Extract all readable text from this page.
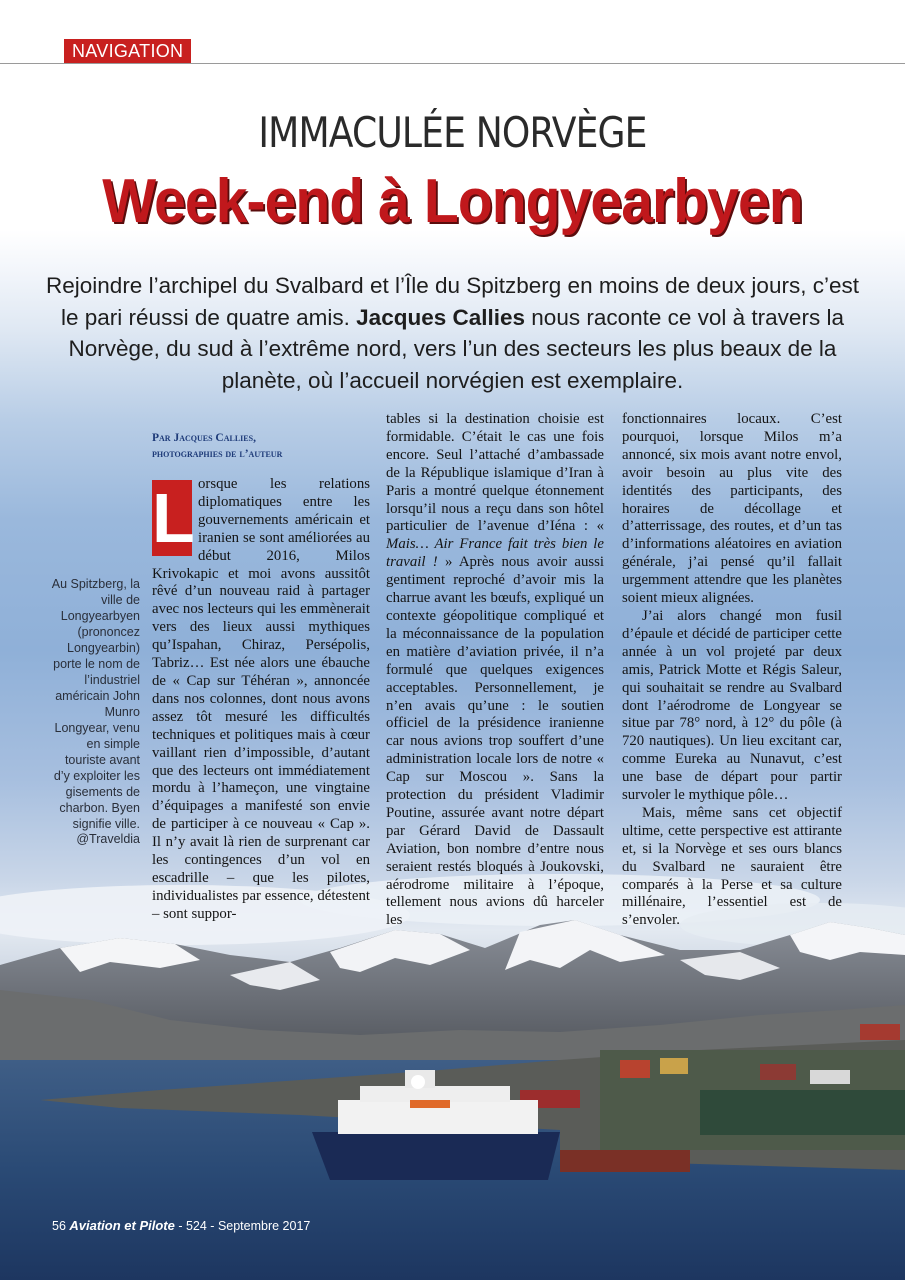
NAVIGATION
IMMACULÉE NORVÈGE
Week-end à Longyearbyen
Rejoindre l’archipel du Svalbard et l’Île du Spitzberg en moins de deux jours, c’est le pari réussi de quatre amis. Jacques Callies nous raconte ce vol à travers la Norvège, du sud à l’extrême nord, vers l’un des secteurs les plus beaux de la planète, où l’accueil norvégien est exemplaire.
Par Jacques Callies,
photographies de l’auteur
L orsque les relations diplomatiques entre les gouvernements américain et iranien se sont améliorées au début 2016, Milos Krivokapic et moi avons aussitôt rêvé d’un nouveau raid à partager avec nos lecteurs qui les emmènerait vers des lieux aussi mythiques qu’Ispahan, Chiraz, Persépolis, Tabriz… Est née alors une ébauche de « Cap sur Téhéran », annoncée dans nos colonnes, dont nous avons assez tôt mesuré les difficultés techniques et politiques mais à cœur vaillant rien d’impossible, d’autant que des lecteurs ont immédiatement mordu à l’hameçon, une vingtaine d’équipages a manifesté son envie de participer à ce nouveau « Cap ». Il n’y avait là rien de surprenant car les contingences d’un vol en escadrille – que les pilotes, individualistes par essence, détestent – sont suppor-

tables si la destination choisie est formidable. C’était le cas une fois encore. Seul l’attaché d’ambassade de la République islamique d’Iran à Paris a montré quelque étonnement lorsqu’il nous a reçu dans son hôtel particulier de l’avenue d’Iéna : « Mais… Air France fait très bien le travail ! » Après nous avoir aussi gentiment reproché d’avoir mis la charrue avant les bœufs, expliqué un contexte géopolitique compliqué et la méconnaissance de la population en matière d’aviation privée, il n’a formulé que quelques exigences acceptables. Personnellement, je n’en avais qu’une : le soutien officiel de la présidence iranienne car nous avions trop souffert d’une administration locale lors de notre « Cap sur Moscou ». Sans la protection du président Vladimir Poutine, assurée avant notre départ par Gérard David de Dassault Aviation, bon nombre d’entre nous seraient restés bloqués à Joukovski, aérodrome militaire à l’époque, tellement nous avions dû harceler les

fonctionnaires locaux. C’est pourquoi, lorsque Milos m’a annoncé, six mois avant notre envol, avoir besoin au plus vite des identités des participants, des horaires de décollage et d’atterrissage, des routes, et d’un tas d’informations aléatoires en aviation générale, j’ai pensé qu’il fallait urgemment attendre que les planètes soient mieux alignées.

J’ai alors changé mon fusil d’épaule et décidé de participer cette année à un vol projeté par deux amis, Patrick Motte et Régis Saleur, qui souhaitait se rendre au Svalbard dont l’aérodrome de Longyear se situe par 78° nord, à 12° du pôle (à 720 nautiques). Un lieu excitant car, comme Eureka au Nunavut, c’est une base de départ pour partir survoler le mythique pôle…

Mais, même sans cet objectif ultime, cette perspective est attirante et, si la Norvège et ses ours blancs du Svalbard ne sauraient être comparés à la Perse et sa culture millénaire, l’essentiel est de s’envoler.

Au Spitzberg, la ville de Longyearbyen (prononcez Longyearbin) porte le nom de l’industriel américain John Munro Longyear, venu en simple touriste avant d’y exploiter les gisements de charbon. Byen signifie ville.
@Traveldia
56 Aviation et Pilote - 524 - Septembre 2017
